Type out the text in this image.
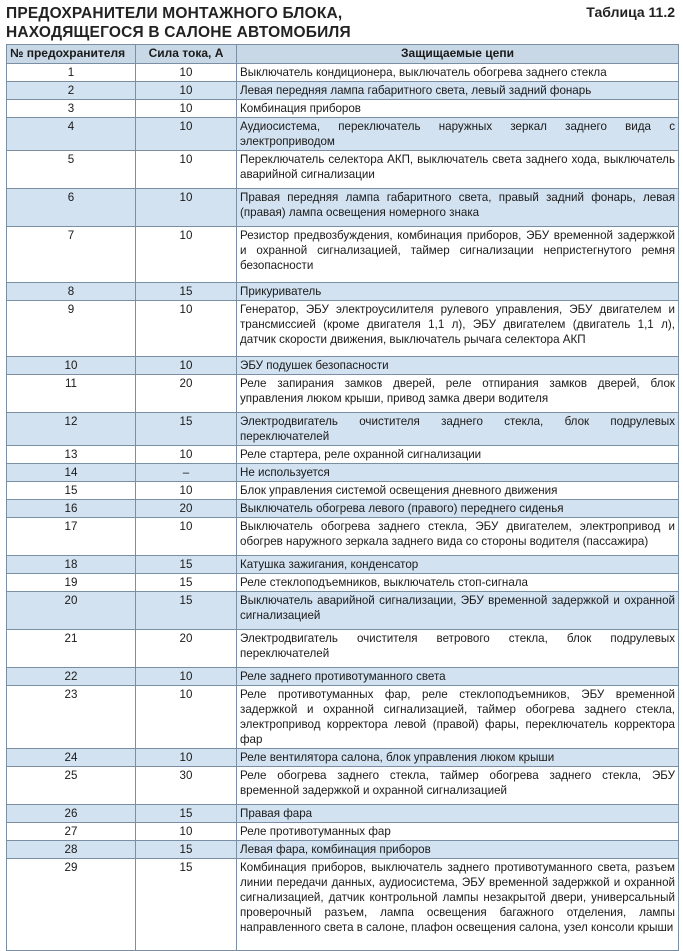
ПРЕДОХРАНИТЕЛИ МОНТАЖНОГО БЛОКА,
НАХОДЯЩЕГОСЯ В САЛОНЕ АВТОМОБИЛЯ
Таблица 11.2
№ предохранителя	Сила тока, А	Защищаемые цепи
1	10	Выключатель кондиционера, выключатель обогрева заднего стекла
2	10	Левая передняя лампа габаритного света, левый задний фонарь
3	10	Комбинация приборов
4	10	Аудиосистема, переключатель наружных зеркал заднего вида с электроприводом
5	10	Переключатель селектора АКП, выключатель света заднего хода, выключатель аварийной сигнализации
6	10	Правая передняя лампа габаритного света, правый задний фонарь, левая (правая) лампа освещения номерного знака
7	10	Резистор предвозбуждения, комбинация приборов, ЭБУ временной задержкой и охранной сигнализацией, таймер сигнализации непристегнутого ремня безопасности
8	15	Прикуриватель
9	10	Генератор, ЭБУ электроусилителя рулевого управления, ЭБУ двигателем и трансмиссией (кроме двигателя 1,1 л), ЭБУ двигателем (двигатель 1,1 л), датчик скорости движения, выключатель рычага селектора АКП
10	10	ЭБУ подушек безопасности
11	20	Реле запирания замков дверей, реле отпирания замков дверей, блок управления люком крыши, привод замка двери водителя
12	15	Электродвигатель очистителя заднего стекла, блок подрулевых переключателей
13	10	Реле стартера, реле охранной сигнализации
14	–	Не используется
15	10	Блок управления системой освещения дневного движения
16	20	Выключатель обогрева левого (правого) переднего сиденья
17	10	Выключатель обогрева заднего стекла, ЭБУ двигателем, электропривод и обогрев наружного зеркала заднего вида со стороны водителя (пассажира)
18	15	Катушка зажигания, конденсатор
19	15	Реле стеклоподъемников, выключатель стоп-сигнала
20	15	Выключатель аварийной сигнализации, ЭБУ временной задержкой и охранной сигнализацией
21	20	Электродвигатель очистителя ветрового стекла, блок подрулевых переключателей
22	10	Реле заднего противотуманного света
23	10	Реле противотуманных фар, реле стеклоподъемников, ЭБУ временной задержкой и охранной сигнализацией, таймер обогрева заднего стекла, электропривод корректора левой (правой) фары, переключатель корректора фар
24	10	Реле вентилятора салона, блок управления люком крыши
25	30	Реле обогрева заднего стекла, таймер обогрева заднего стекла, ЭБУ временной задержкой и охранной сигнализацией
26	15	Правая фара
27	10	Реле противотуманных фар
28	15	Левая фара, комбинация приборов
29	15	Комбинация приборов, выключатель заднего противотуманного света, разъем линии передачи данных, аудиосистема, ЭБУ временной задержкой и охранной сигнализацией, датчик контрольной лампы незакрытой двери, универсальный проверочный разъем, лампа освещения багажного отделения, лампы направленного света в салоне, плафон освещения салона, узел консоли крыши
